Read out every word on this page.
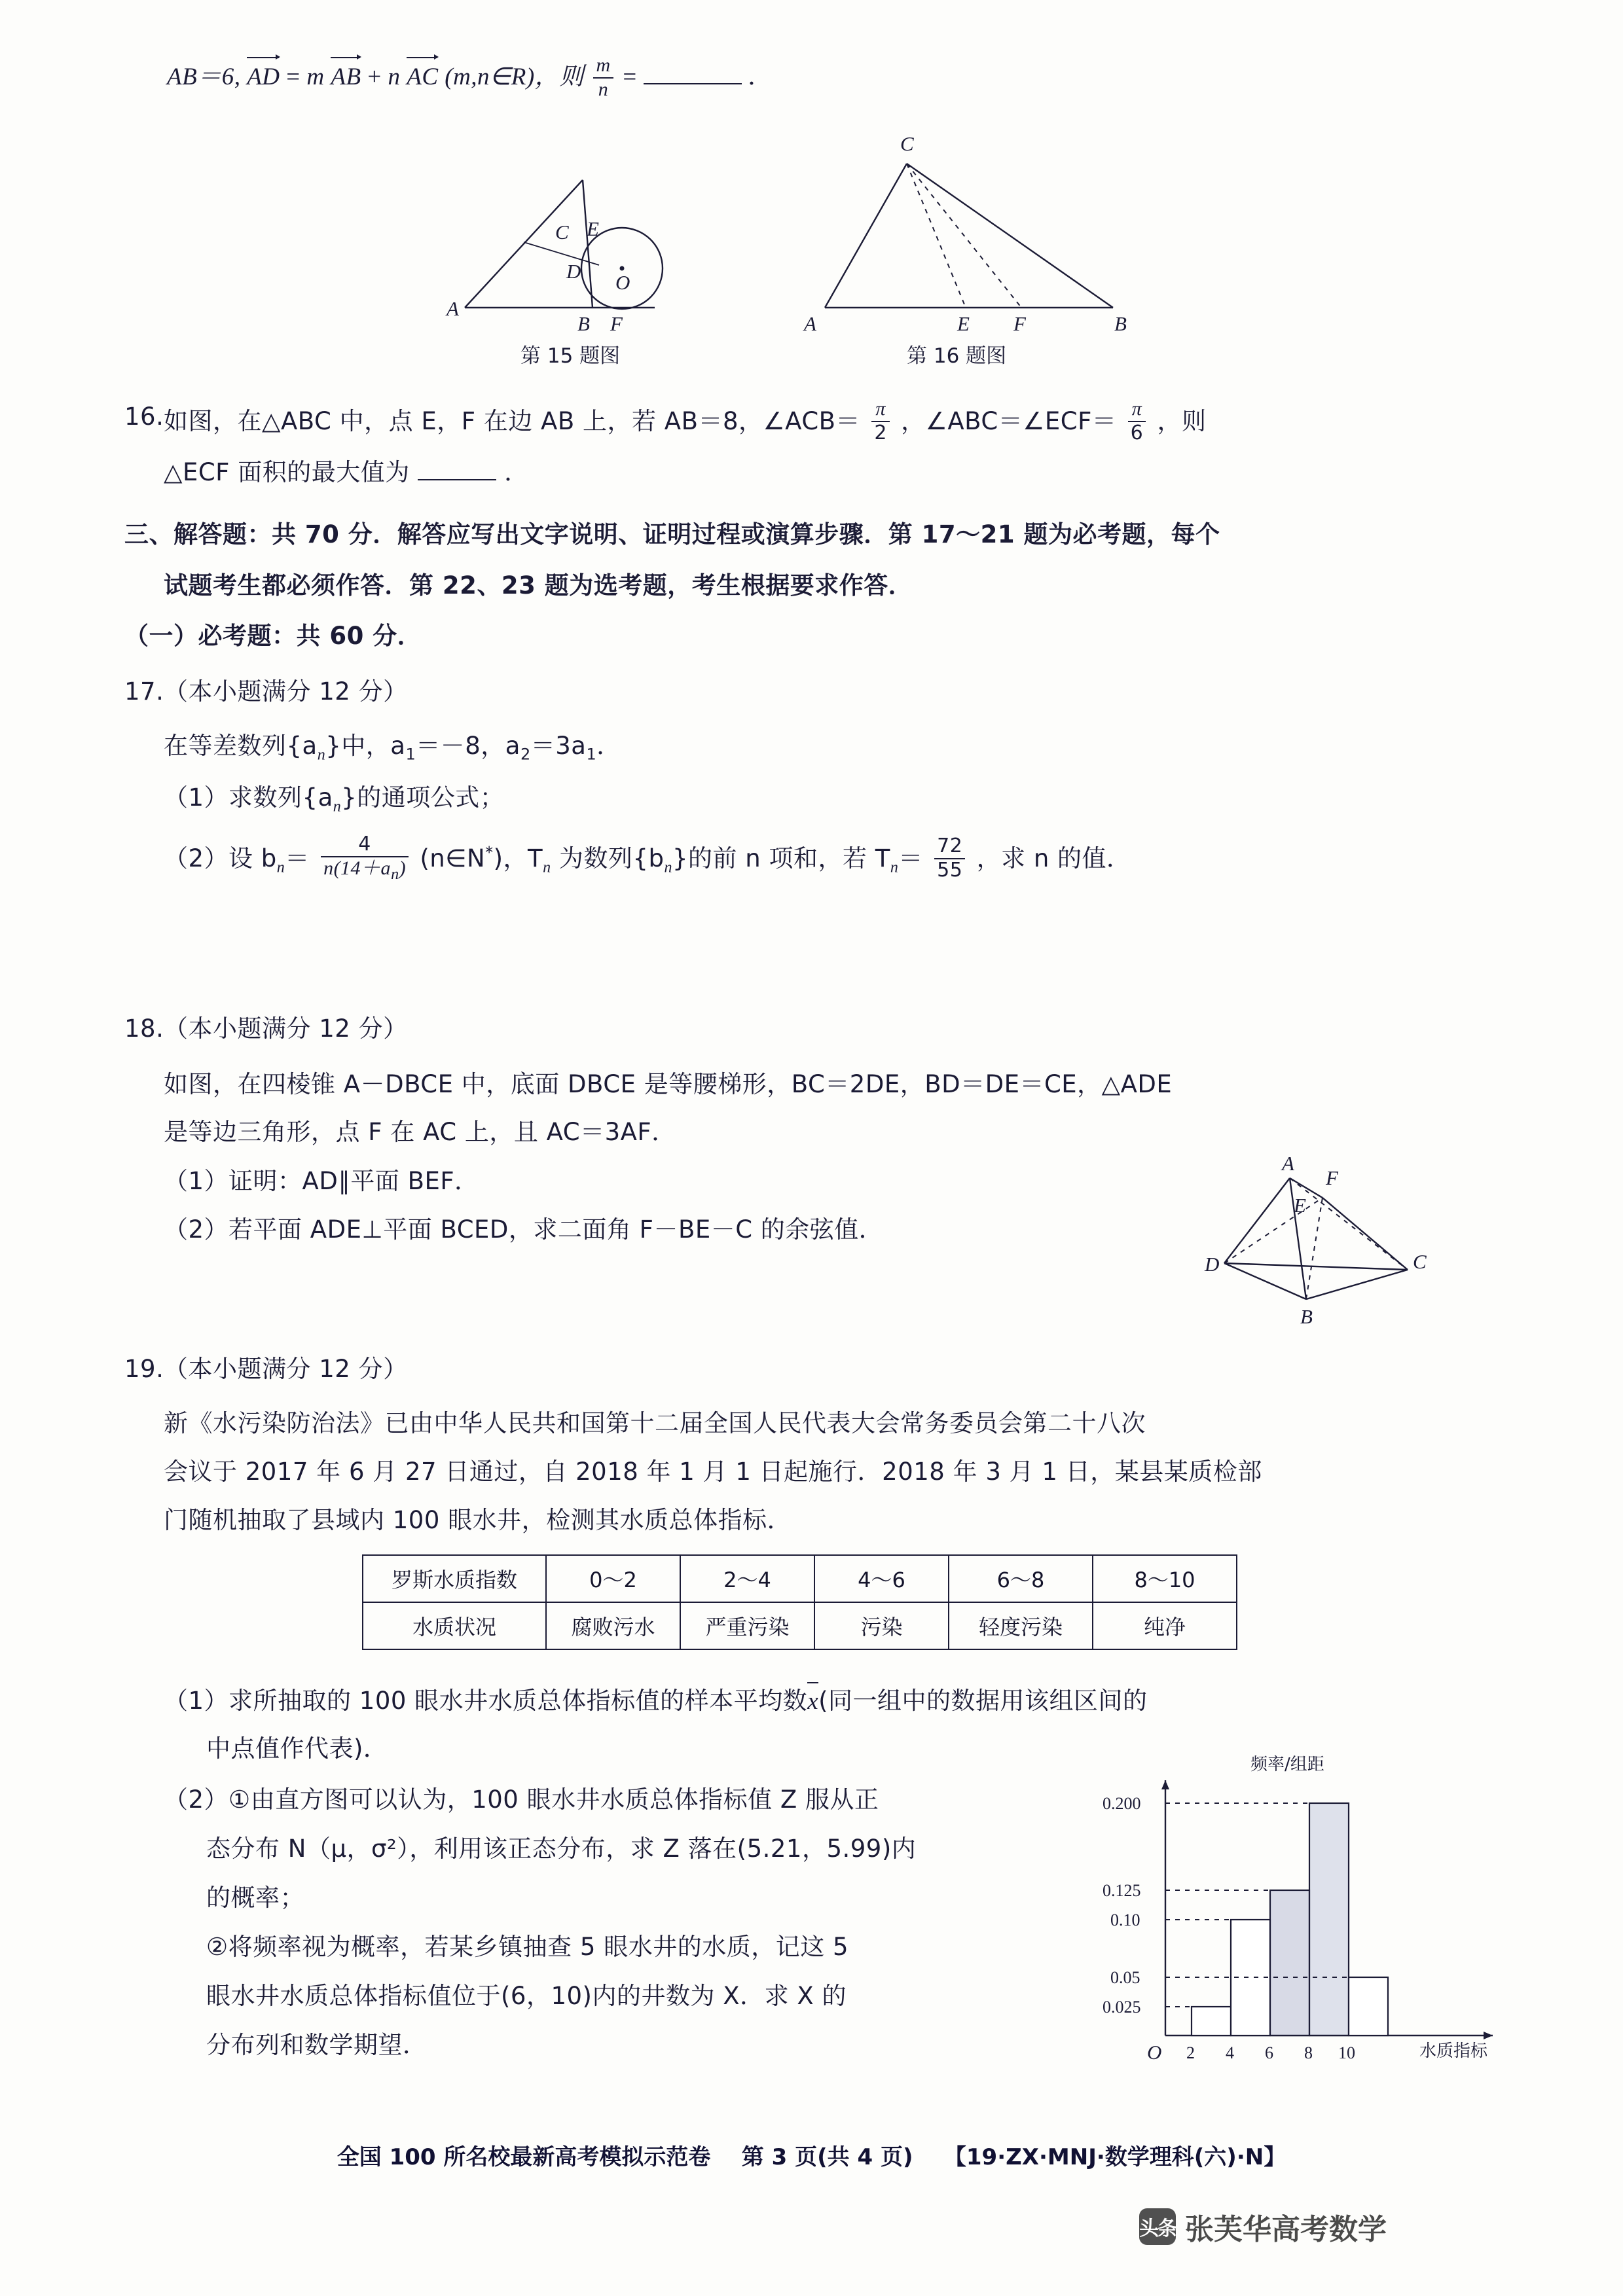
AB＝6, AD = m AB + n AC (m,n∈R)，则 $\frac{m}{n}$ =	．
C E
D O
A
B F
第 15 题图
C
A	E F	B
第 16 题图
16. 如图，在△ABC 中，点 E，F 在边 AB 上，若 AB＝8，∠ACB＝ $\frac{\pi}{2}$ ，∠ABC＝∠ECF＝ $\frac{\pi}{6}$ ，则
△ECF 面积的最大值为	．
三、解答题：共 70 分．解答应写出文字说明、证明过程或演算步骤．第 17～21 题为必考题，每个
试题考生都必须作答．第 22、23 题为选考题，考生根据要求作答．
（一）必考题：共 60 分．
17. （本小题满分 12 分）
在等差数列$\{a_n\}$中，$a_1=-8$，$a_2=3a_1$．
（1）求数列$\{a_n\}$的通项公式；
（2）设 $b_n= \frac{4}{n(14+a_n)}$ (n∈N*)，$T_n$ 为数列$\{b_n\}$的前 n 项和，若 $T_n= \frac{72}{55}$ ，求 n 的值．
18. （本小题满分 12 分）
如图，在四棱锥 A－DBCE 中，底面 DBCE 是等腰梯形，BC＝2DE，BD＝DE＝CE，△ADE
是等边三角形，点 F 在 AC 上，且 AC＝3AF．
（1）证明：AD∥平面 BEF．
（2）若平面 ADE⊥平面 BCED，求二面角 F－BE－C 的余弦值．
A
F
E
D	C
B
19. （本小题满分 12 分）
新《水污染防治法》已由中华人民共和国第十二届全国人民代表大会常务委员会第二十八次
会议于 2017 年 6 月 27 日通过，自 2018 年 1 月 1 日起施行．2018 年 3 月 1 日，某县某质检部
门随机抽取了县域内 100 眼水井，检测其水质总体指标．
罗斯水质指数	0～2	2～4	4～6	6～8	8～10
水质状况	腐败污水	严重污染	污染	轻度污染	纯净
（1）求所抽取的 100 眼水井水质总体指标值的样本平均数x(同一组中的数据用该组区间的
中点值作代表)．
（2）①由直方图可以认为，100 眼水井水质总体指标值 Z 服从正
态分布 N（μ，σ²），利用该正态分布，求 Z 落在(5.21，5.99)内
的概率；
②将频率视为概率，若某乡镇抽查 5 眼水井的水质，记这 5
眼水井水质总体指标值位于(6，10)内的井数为 X．求 X 的
分布列和数学期望．
0.200
0.125
0.10
0.05
0.025
2 4 6 8 10
O
频率/组距
水质指标
全国 100 所名校最新高考模拟示范卷 第 3 页(共 4 页) 【19·ZX·MNJ·数学理科(六)·N】
头条 张芙华高考数学
